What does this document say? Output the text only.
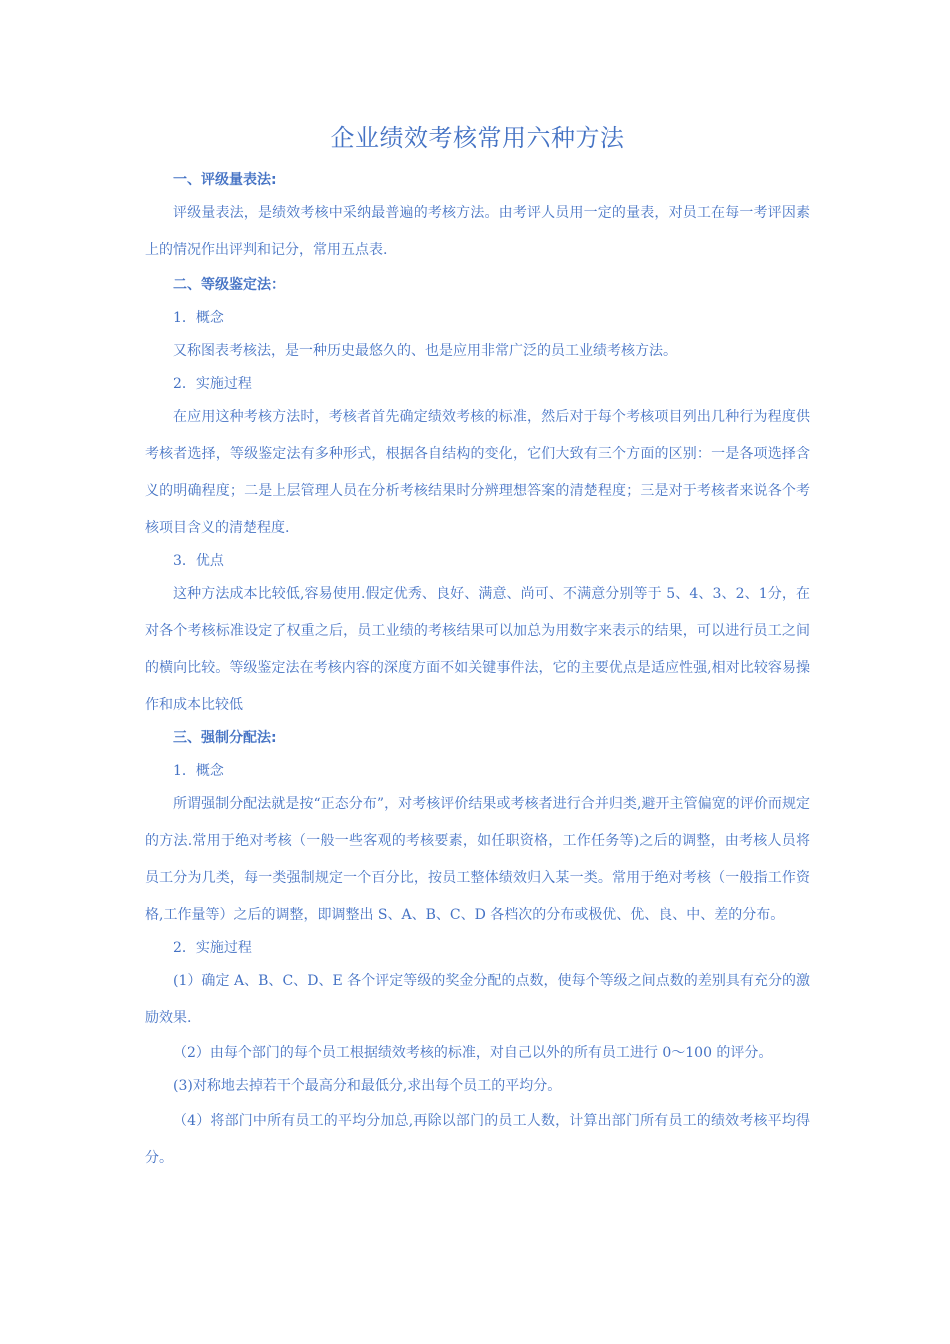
企业绩效考核常用六种方法
一、评级量表法:
评级量表法，是绩效考核中采纳最普遍的考核方法。由考评人员用一定的量表，对员工在每一考评因素上的情况作出评判和记分，常用五点表.
二、等级鉴定法：
1．概念
又称图表考核法，是一种历史最悠久的、也是应用非常广泛的员工业绩考核方法。
2．实施过程
在应用这种考核方法时，考核者首先确定绩效考核的标准，然后对于每个考核项目列出几种行为程度供考核者选择，等级鉴定法有多种形式，根据各自结构的变化，它们大致有三个方面的区别：一是各项选择含义的明确程度；二是上层管理人员在分析考核结果时分辨理想答案的清楚程度；三是对于考核者来说各个考核项目含义的清楚程度.
3．优点
这种方法成本比较低,容易使用.假定优秀、良好、满意、尚可、不满意分别等于 5、4、3、2、1分，在对各个考核标准设定了权重之后，员工业绩的考核结果可以加总为用数字来表示的结果，可以进行员工之间的横向比较。等级鉴定法在考核内容的深度方面不如关键事件法，它的主要优点是适应性强,相对比较容易操作和成本比较低
三、强制分配法:
1．概念
所谓强制分配法就是按“正态分布”，对考核评价结果或考核者进行合并归类,避开主管偏宽的评价而规定的方法.常用于绝对考核（一般一些客观的考核要素，如任职资格，工作任务等)之后的调整，由考核人员将员工分为几类，每一类强制规定一个百分比，按员工整体绩效归入某一类。常用于绝对考核（一般指工作资格,工作量等）之后的调整，即调整出 S、A、B、C、D 各档次的分布或极优、优、良、中、差的分布。
2．实施过程
(1）确定 A、B、C、D、E 各个评定等级的奖金分配的点数，使每个等级之间点数的差别具有充分的激励效果.
（2）由每个部门的每个员工根据绩效考核的标准，对自己以外的所有员工进行 0～100 的评分。
(3)对称地去掉若干个最高分和最低分,求出每个员工的平均分。
（4）将部门中所有员工的平均分加总,再除以部门的员工人数，计算出部门所有员工的绩效考核平均得分。
